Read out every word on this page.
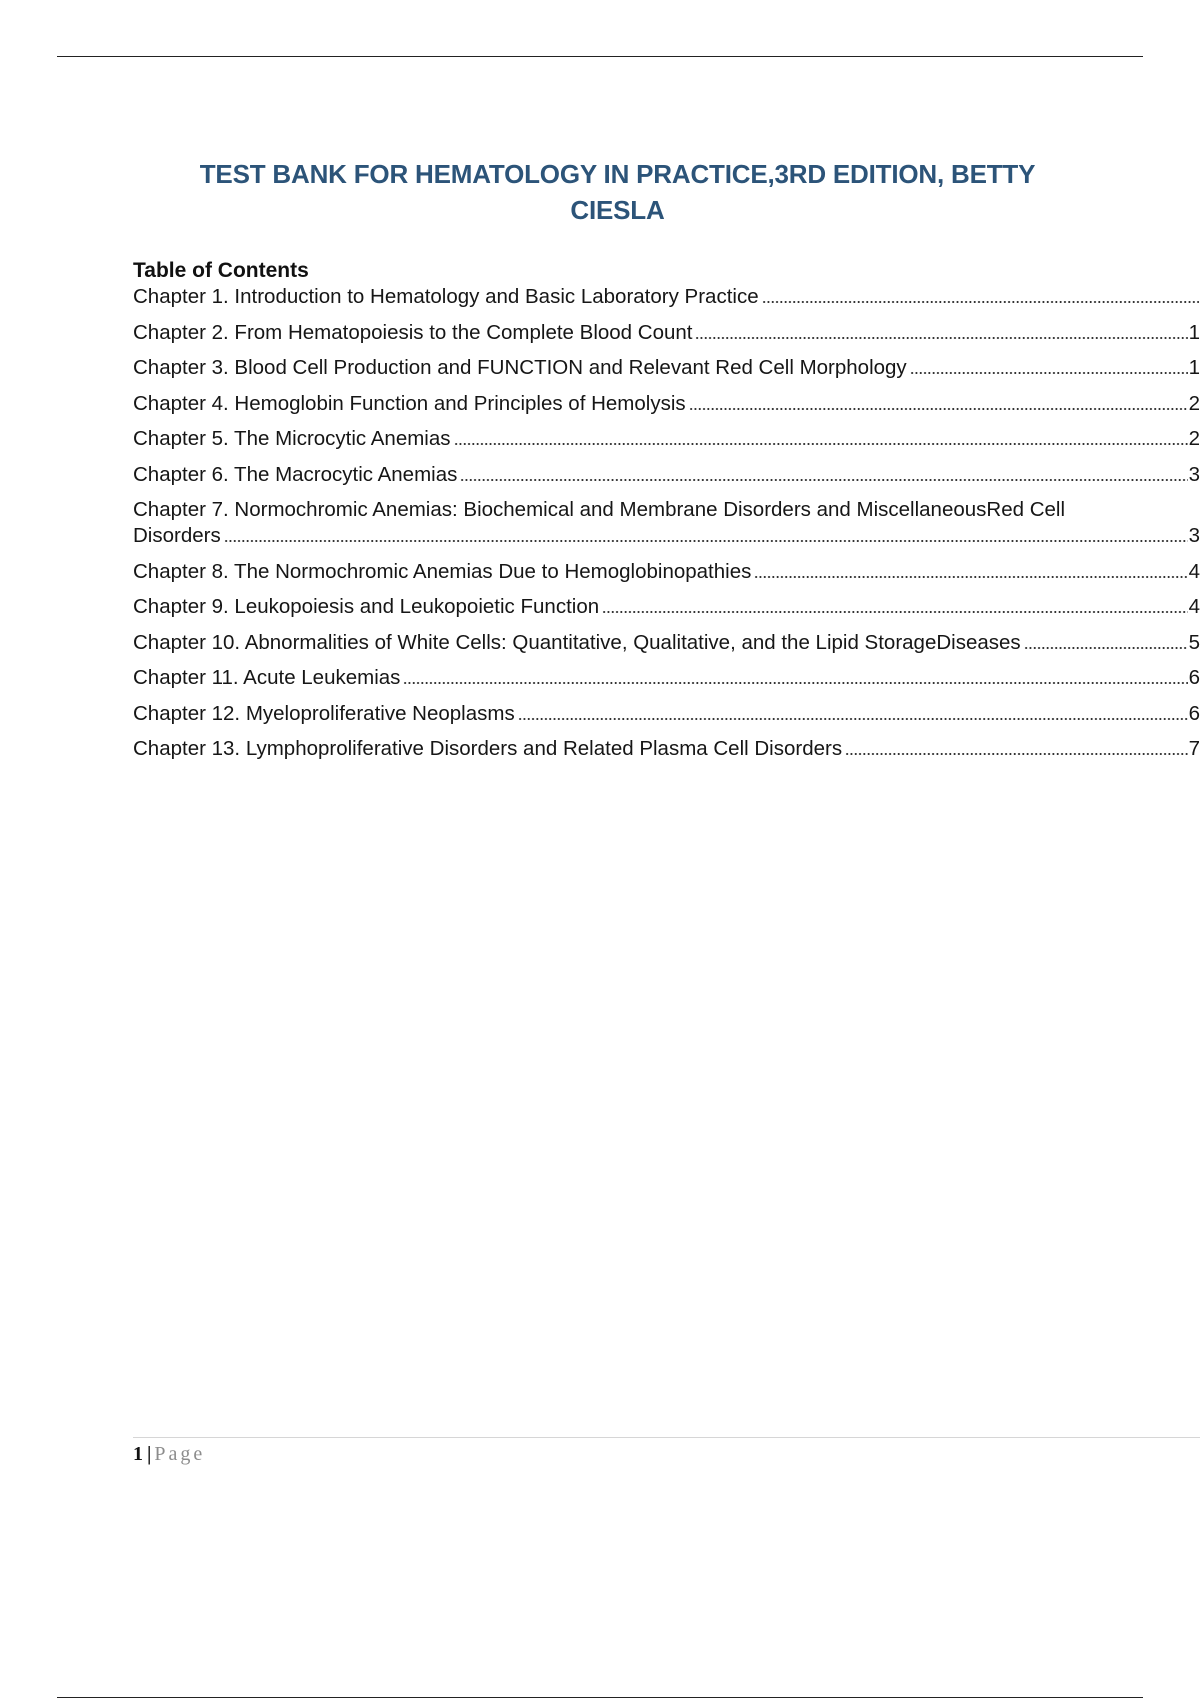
TEST BANK FOR HEMATOLOGY IN PRACTICE,3RD EDITION, BETTY CIESLA
Table of Contents
Chapter 1. Introduction to Hematology and Basic Laboratory Practice
Chapter 2. From Hematopoiesis to the Complete Blood Count	1
Chapter 3. Blood Cell Production and FUNCTION and Relevant Red Cell Morphology	1
Chapter 4. Hemoglobin Function and Principles of Hemolysis	2
Chapter 5. The Microcytic Anemias	2
Chapter 6. The Macrocytic Anemias	3
Chapter 7. Normochromic Anemias: Biochemical and Membrane Disorders and MiscellaneousRed Cell
Disorders	3
Chapter 8. The Normochromic Anemias Due to Hemoglobinopathies	4
Chapter 9. Leukopoiesis and Leukopoietic Function	4
Chapter 10. Abnormalities of White Cells: Quantitative, Qualitative, and the Lipid StorageDiseases	5
Chapter 11. Acute Leukemias	6
Chapter 12. Myeloproliferative Neoplasms	6
Chapter 13. Lymphoproliferative Disorders and Related Plasma Cell Disorders	7
1 | Page
